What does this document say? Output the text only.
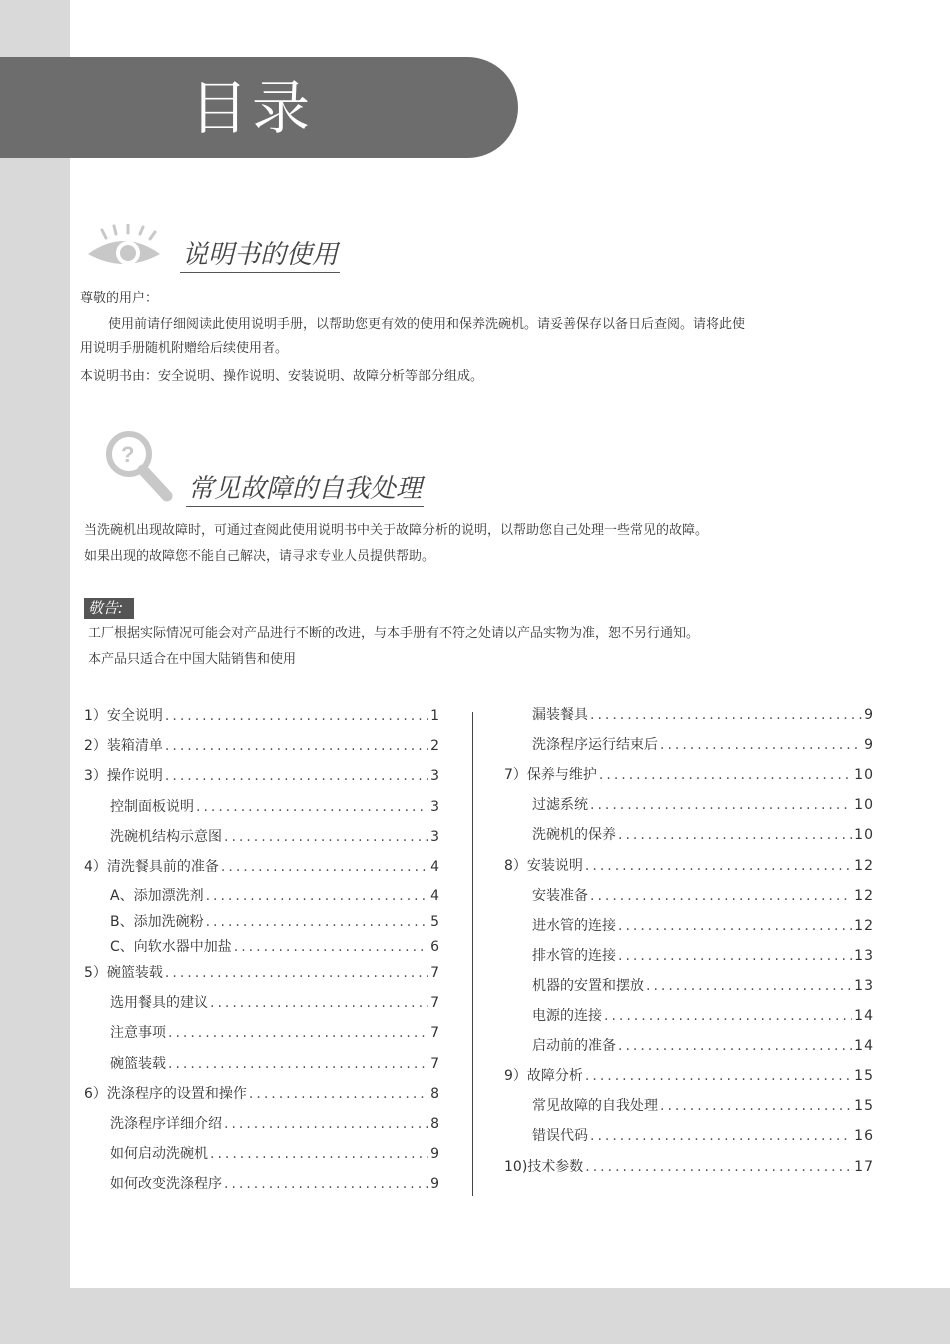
目录
说明书的使用
尊敬的用户：
使用前请仔细阅读此使用说明手册，以帮助您更有效的使用和保养洗碗机。请妥善保存以备日后查阅。请将此使
用说明手册随机附赠给后续使用者。
本说明书由：安全说明、操作说明、安装说明、故障分析等部分组成。
?
常见故障的自我处理
当洗碗机出现故障时，可通过查阅此使用说明书中关于故障分析的说明，以帮助您自己处理一些常见的故障。
如果出现的故障您不能自己解决，请寻求专业人员提供帮助。
敬告:
工厂根据实际情况可能会对产品进行不断的改进，与本手册有不符之处请以产品实物为准，恕不另行通知。
本产品只适合在中国大陆销售和使用
1）安全说明 .....	1
2）装箱清单 .....	2
3）操作说明 .....	3
控制面板说明 .....	3
洗碗机结构示意图 .....	3
4）清洗餐具前的准备 .....	4
A、添加漂洗剂 .....	4
B、添加洗碗粉 .....	5
C、向软水器中加盐 .....	6
5）碗篮装载 .....	7
选用餐具的建议 .....	7
注意事项 .....	7
碗篮装载 .....	7
6）洗涤程序的设置和操作 .....	8
洗涤程序详细介绍 .....	8
如何启动洗碗机 .....	9
如何改变洗涤程序 .....	9
漏装餐具 .....	9
洗涤程序运行结束后 .....	9
7）保养与维护 .....	10
过滤系统 .....	10
洗碗机的保养 .....	10
8）安装说明 .....	12
安装准备 .....	12
进水管的连接 .....	12
排水管的连接 .....	13
机器的安置和摆放 .....	13
电源的连接 .....	14
启动前的准备 .....	14
9）故障分析 .....	15
常见故障的自我处理 .....	15
错误代码 .....	16
10)技术参数 .....	17
